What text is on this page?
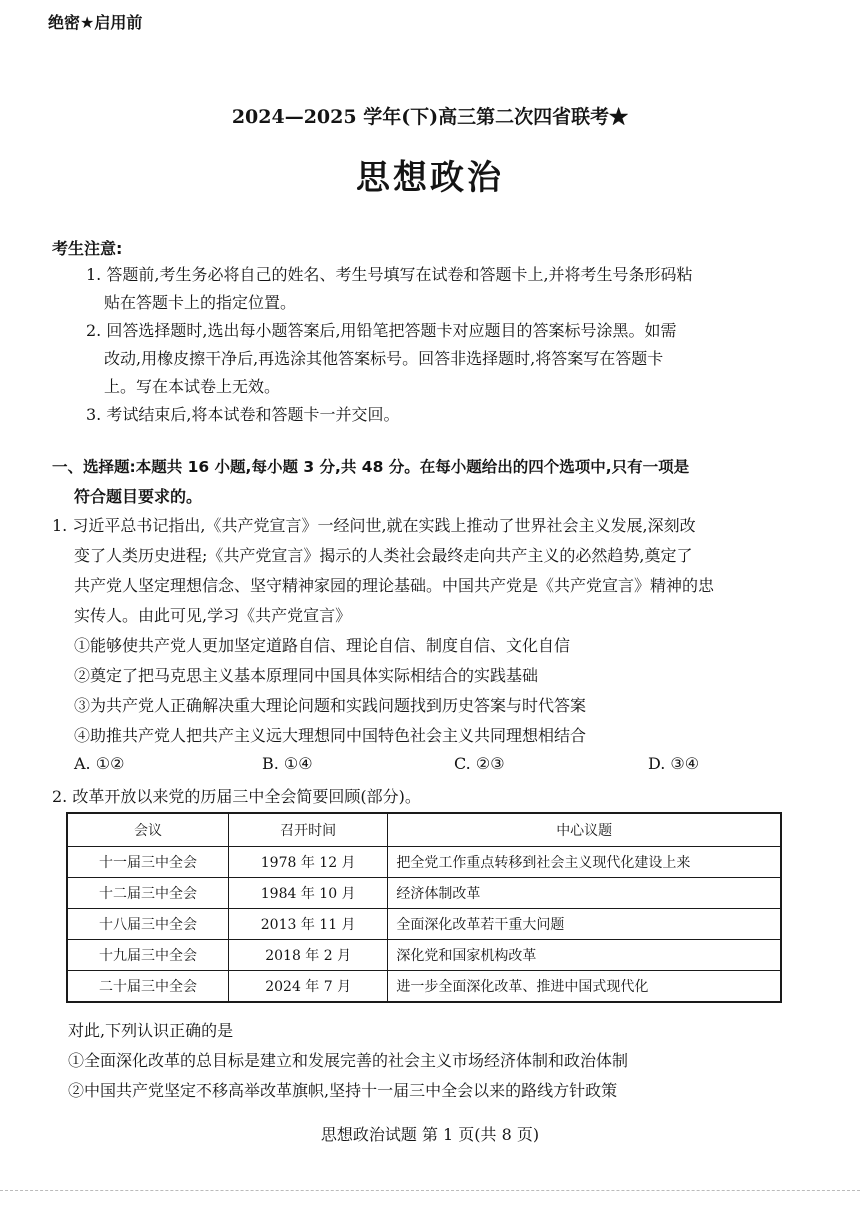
绝密★启用前
2024—2025 学年(下)高三第二次四省联考★
思想政治
考生注意:
1. 答题前,考生务必将自己的姓名、考生号填写在试卷和答题卡上,并将考生号条形码粘
贴在答题卡上的指定位置。
2. 回答选择题时,选出每小题答案后,用铅笔把答题卡对应题目的答案标号涂黑。如需
改动,用橡皮擦干净后,再选涂其他答案标号。回答非选择题时,将答案写在答题卡
上。写在本试卷上无效。
3. 考试结束后,将本试卷和答题卡一并交回。
一、选择题:本题共 16 小题,每小题 3 分,共 48 分。在每小题给出的四个选项中,只有一项是
符合题目要求的。
1. 习近平总书记指出,《共产党宣言》一经问世,就在实践上推动了世界社会主义发展,深刻改
变了人类历史进程;《共产党宣言》揭示的人类社会最终走向共产主义的必然趋势,奠定了
共产党人坚定理想信念、坚守精神家园的理论基础。中国共产党是《共产党宣言》精神的忠
实传人。由此可见,学习《共产党宣言》
①能够使共产党人更加坚定道路自信、理论自信、制度自信、文化自信
②奠定了把马克思主义基本原理同中国具体实际相结合的实践基础
③为共产党人正确解决重大理论问题和实践问题找到历史答案与时代答案
④助推共产党人把共产主义远大理想同中国特色社会主义共同理想相结合
A. ①②	B. ①④	C. ②③	D. ③④
2. 改革开放以来党的历届三中全会简要回顾(部分)。
会议	召开时间	中心议题
十一届三中全会	1978 年 12 月	把全党工作重点转移到社会主义现代化建设上来
十二届三中全会	1984 年 10 月	经济体制改革
十八届三中全会	2013 年 11 月	全面深化改革若干重大问题
十九届三中全会	2018 年 2 月	深化党和国家机构改革
二十届三中全会	2024 年 7 月	进一步全面深化改革、推进中国式现代化
对此,下列认识正确的是
①全面深化改革的总目标是建立和发展完善的社会主义市场经济体制和政治体制
②中国共产党坚定不移高举改革旗帜,坚持十一届三中全会以来的路线方针政策
思想政治试题 第 1 页(共 8 页)
